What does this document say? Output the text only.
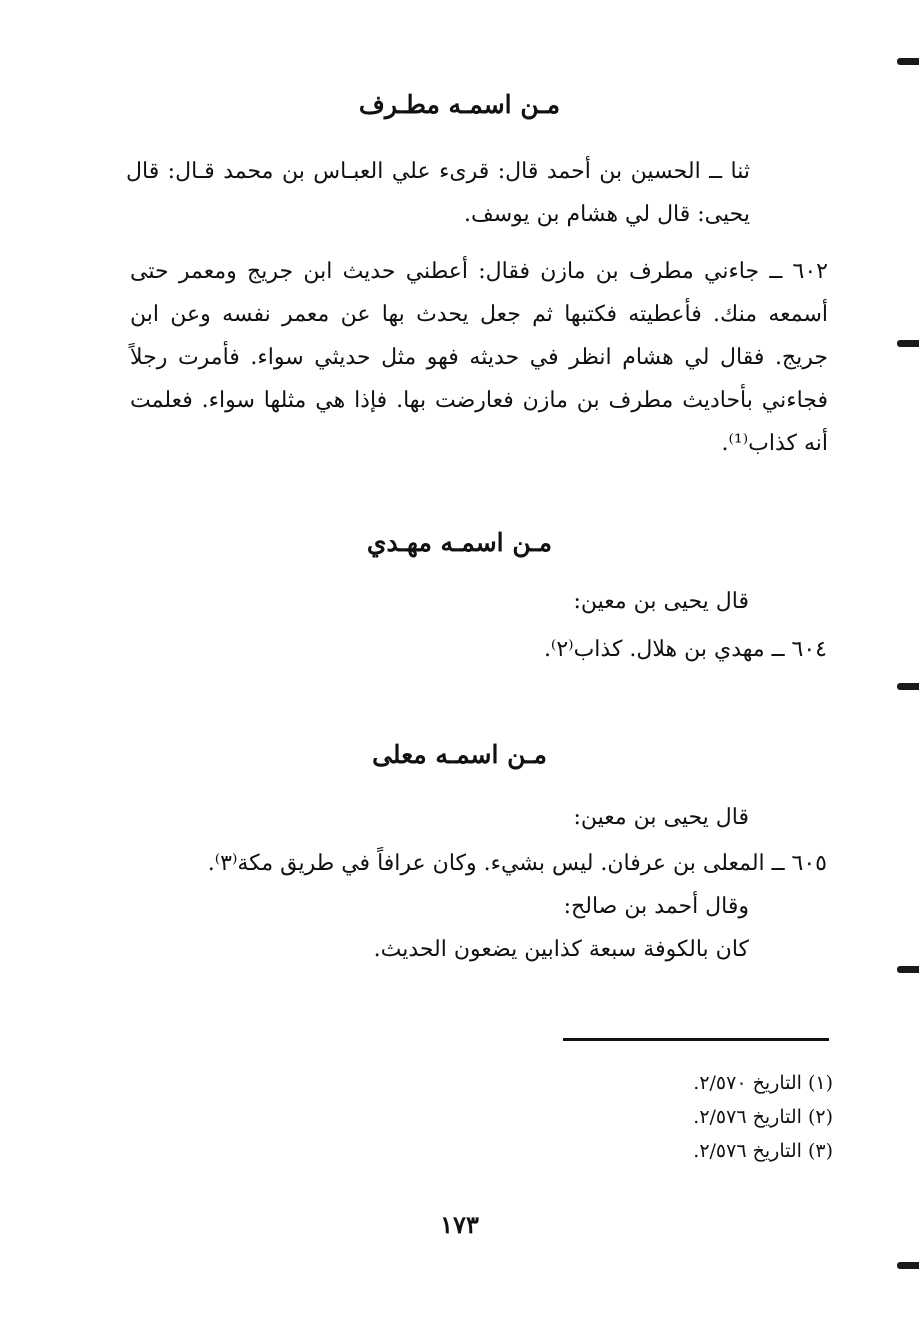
مـن اسمـه مطـرف
ثنا ــ الحسين بن أحمد قال: قرىء علي العبـاس بن محمد قـال: قال يحيى: قال لي هشام بن يوسف.
٦٠٢ ــ جاءني مطرف بن مازن فقال: أعطني حديث ابن جريج ومعمر حتى أسمعه منك. فأعطيته فكتبها ثم جعل يحدث بها عن معمر نفسه وعن ابن جريج. فقال لي هشام انظر في حديثه فهو مثل حديثي سواء. فأمرت رجلاً فجاءني بأحاديث مطرف بن مازن فعارضت بها. فإذا هي مثلها سواء. فعلمت أنه كذاب⁽¹⁾.
مـن اسمـه مهـدي
قال يحيى بن معين:
٦٠٤ ــ مهدي بن هلال. كذاب⁽٢⁾.
مـن اسمـه معلى
قال يحيى بن معين:
٦٠٥ ــ المعلى بن عرفان. ليس بشيء. وكان عرافاً في طريق مكة⁽٣⁾.
وقال أحمد بن صالح:
كان بالكوفة سبعة كذابين يضعون الحديث.
(١) التاريخ ٢/٥٧٠.
(٢) التاريخ ٢/٥٧٦.
(٣) التاريخ ٢/٥٧٦.
١٧٣
